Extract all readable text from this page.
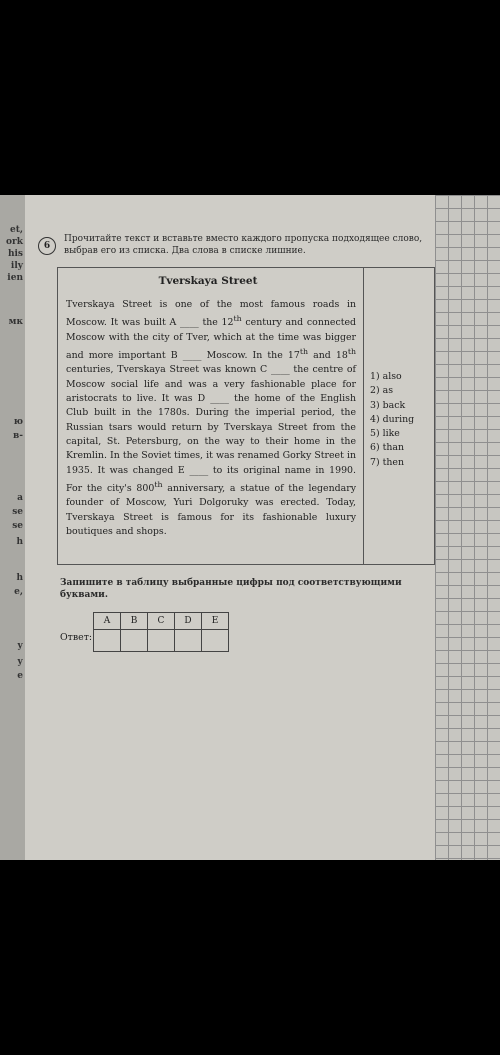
et,
ork
his
ily
ien
мк
ю
в-
a
se
se
h
h
е,
у
у
е
6
Прочитайте текст и вставьте вместо каждого пропуска подходящее слово, выбрав его из списка. Два слова в списке лишние.
Tverskaya Street
Tverskaya Street is one of the most famous roads in Moscow. It was built A ____ the 12th century and connected Moscow with the city of Tver, which at the time was bigger and more important B ____ Moscow. In the 17th and 18th centuries, Tverskaya Street was known C ____ the centre of Moscow social life and was a very fashionable place for aristocrats to live. It was D ____ the home of the English Club built in the 1780s. During the imperial period, the Russian tsars would return by Tverskaya Street from the capital, St. Petersburg, on the way to their home in the Kremlin. In the Soviet times, it was renamed Gorky Street in 1935. It was changed E ____ to its original name in 1990. For the city's 800th anniversary, a statue of the legendary founder of Moscow, Yuri Dolgoruky was erected. Today, Tverskaya Street is famous for its fashionable luxury boutiques and shops.
1) also
2) as
3) back
4) during
5) like
6) than
7) then
Запишите в таблицу выбранные цифры под соответствующими буквами.
Ответ:
A	B	C	D	E
